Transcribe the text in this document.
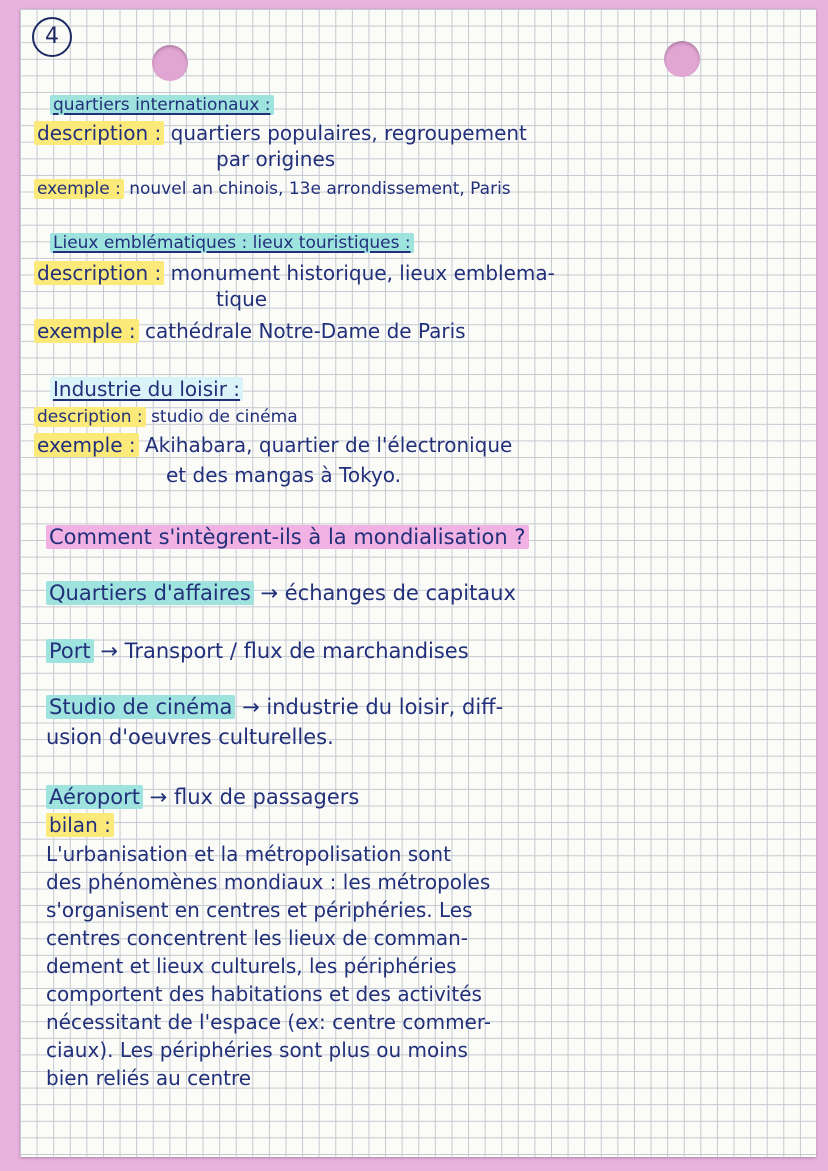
4
quartiers internationaux :
description : quartiers populaires, regroupement
par origines
exemple : nouvel an chinois, 13e arrondissement, Paris
Lieux emblématiques : lieux touristiques :
description : monument historique, lieux emblema-
tique
exemple : cathédrale Notre-Dame de Paris
Industrie du loisir :
description : studio de cinéma
exemple : Akihabara, quartier de l'électronique
et des mangas à Tokyo.
Comment s'intègrent-ils à la mondialisation ?
Quartiers d'affaires → échanges de capitaux
Port → Transport / flux de marchandises
Studio de cinéma → industrie du loisir, diff-
usion d'oeuvres culturelles.
Aéroport → flux de passagers
bilan :
L'urbanisation et la métropolisation sont
des phénomènes mondiaux : les métropoles
s'organisent en centres et périphéries. Les
centres concentrent les lieux de comman-
dement et lieux culturels, les périphéries
comportent des habitations et des activités
nécessitant de l'espace (ex: centre commer-
ciaux). Les périphéries sont plus ou moins
bien reliés au centre
